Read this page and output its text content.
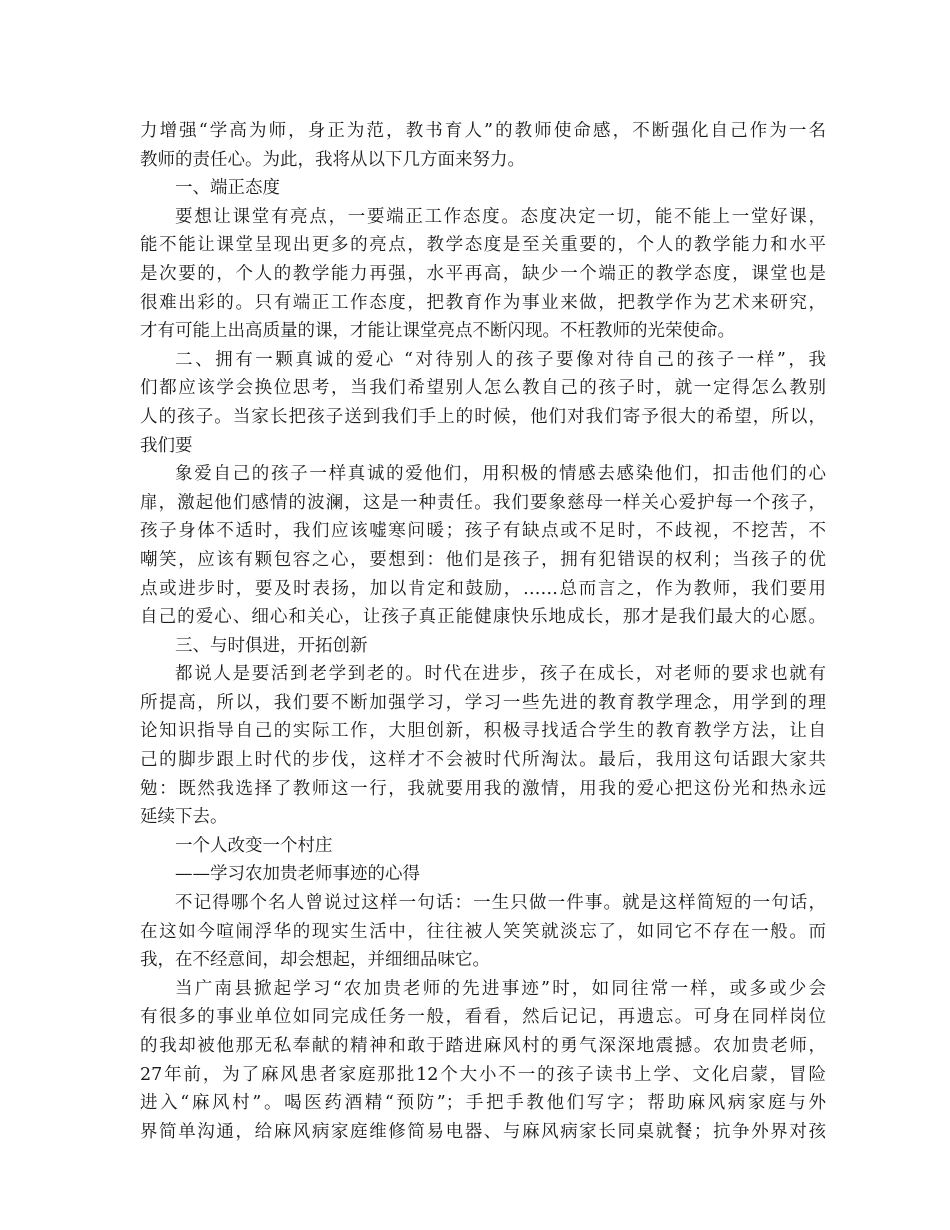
力增强“学高为师，身正为范，教书育人”的教师使命感，不断强化自己作为一名
教师的责任心。为此，我将从以下几方面来努力。
一、端正态度
要想让课堂有亮点，一要端正工作态度。态度决定一切，能不能上一堂好课，
能不能让课堂呈现出更多的亮点，教学态度是至关重要的，个人的教学能力和水平
是次要的，个人的教学能力再强，水平再高，缺少一个端正的教学态度，课堂也是
很难出彩的。只有端正工作态度，把教育作为事业来做，把教学作为艺术来研究，
才有可能上出高质量的课，才能让课堂亮点不断闪现。不枉教师的光荣使命。
二、拥有一颗真诚的爱心 “对待别人的孩子要像对待自己的孩子一样”，我
们都应该学会换位思考，当我们希望别人怎么教自己的孩子时，就一定得怎么教别
人的孩子。当家长把孩子送到我们手上的时候，他们对我们寄予很大的希望，所以，
我们要
象爱自己的孩子一样真诚的爱他们，用积极的情感去感染他们，扣击他们的心
扉，激起他们感情的波澜，这是一种责任。我们要象慈母一样关心爱护每一个孩子，
孩子身体不适时，我们应该嘘寒问暖；孩子有缺点或不足时，不歧视，不挖苦，不
嘲笑，应该有颗包容之心，要想到：他们是孩子，拥有犯错误的权利；当孩子的优
点或进步时，要及时表扬，加以肯定和鼓励，……总而言之，作为教师，我们要用
自己的爱心、细心和关心，让孩子真正能健康快乐地成长，那才是我们最大的心愿。
三、与时俱进，开拓创新
都说人是要活到老学到老的。时代在进步，孩子在成长，对老师的要求也就有
所提高，所以，我们要不断加强学习，学习一些先进的教育教学理念，用学到的理
论知识指导自己的实际工作，大胆创新，积极寻找适合学生的教育教学方法，让自
己的脚步跟上时代的步伐，这样才不会被时代所淘汰。最后，我用这句话跟大家共
勉：既然我选择了教师这一行，我就要用我的激情，用我的爱心把这份光和热永远
延续下去。
一个人改变一个村庄
——学习农加贵老师事迹的心得
不记得哪个名人曾说过这样一句话：一生只做一件事。就是这样简短的一句话，
在这如今喧闹浮华的现实生活中，往往被人笑笑就淡忘了，如同它不存在一般。而
我，在不经意间，却会想起，并细细品味它。
当广南县掀起学习“农加贵老师的先进事迹”时，如同往常一样，或多或少会
有很多的事业单位如同完成任务一般，看看，然后记记，再遗忘。可身在同样岗位
的我却被他那无私奉献的精神和敢于踏进麻风村的勇气深深地震撼。农加贵老师，
27年前，为了麻风患者家庭那批12个大小不一的孩子读书上学、文化启蒙，冒险
进入“麻风村”。喝医药酒精“预防”；手把手教他们写字；帮助麻风病家庭与外
界简单沟通，给麻风病家庭维修简易电器、与麻风病家长同桌就餐；抗争外界对孩
